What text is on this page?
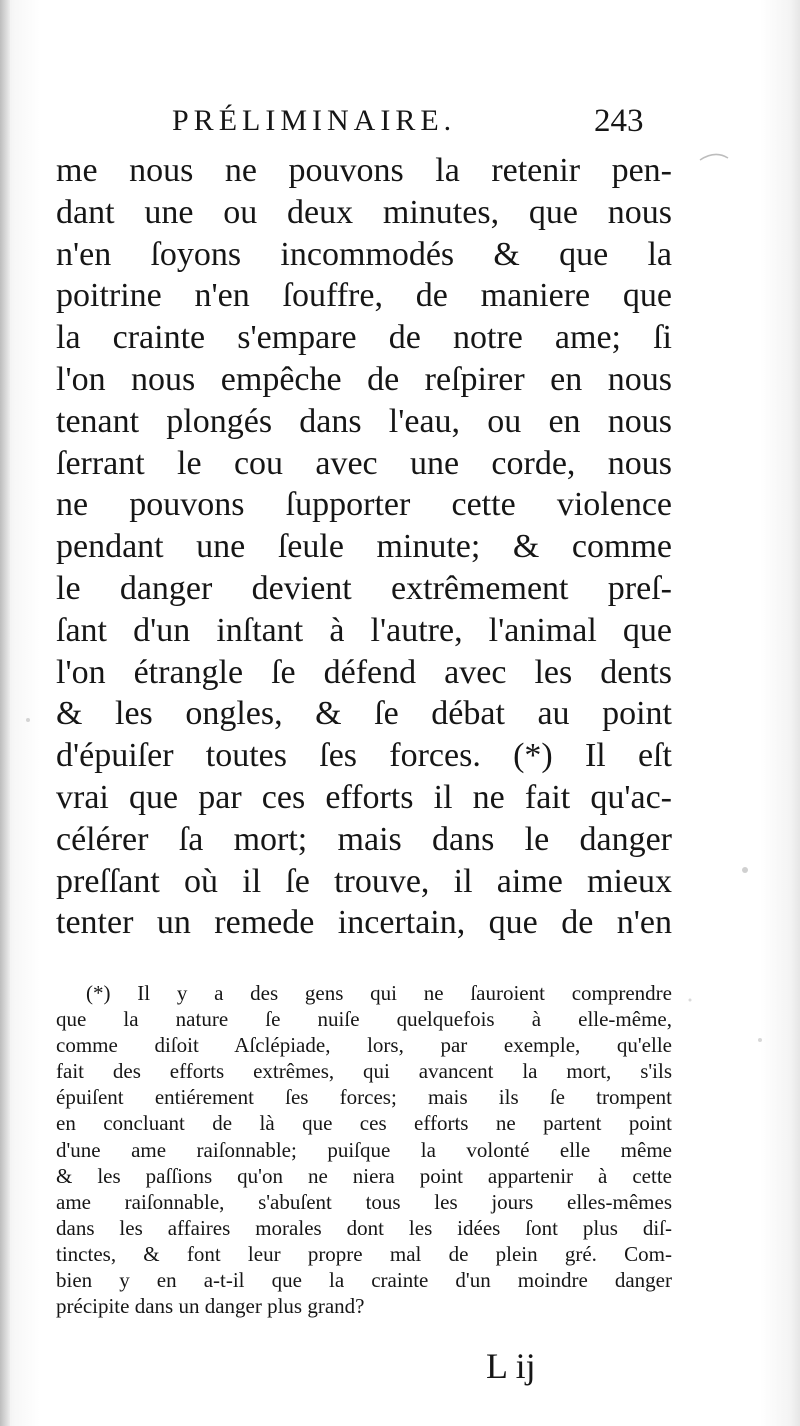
PRÉLIMINAIRE.	243
me nous ne pouvons la retenir pen-
dant une ou deux minutes, que nous
n'en ſoyons incommodés & que la
poitrine n'en ſouffre, de maniere que
la crainte s'empare de notre ame; ſi
l'on nous empêche de reſpirer en nous
tenant plongés dans l'eau, ou en nous
ſerrant le cou avec une corde, nous
ne pouvons ſupporter cette violence
pendant une ſeule minute; & comme
le danger devient extrêmement preſ-
ſant d'un inſtant à l'autre, l'animal que
l'on étrangle ſe défend avec les dents
& les ongles, & ſe débat au point
d'épuiſer toutes ſes forces. (*) Il eſt
vrai que par ces efforts il ne fait qu'ac-
célérer ſa mort; mais dans le danger
preſſant où il ſe trouve, il aime mieux
tenter un remede incertain, que de n'en
(*) Il y a des gens qui ne ſauroient comprendre
que la nature ſe nuiſe quelquefois à elle-même,
comme diſoit Aſclépiade, lors, par exemple, qu'elle
fait des efforts extrêmes, qui avancent la mort, s'ils
épuiſent entiérement ſes forces; mais ils ſe trompent
en concluant de là que ces efforts ne partent point
d'une ame raiſonnable; puiſque la volonté elle même
& les paſſions qu'on ne niera point appartenir à cette
ame raiſonnable, s'abuſent tous les jours elles-mêmes
dans les affaires morales dont les idées ſont plus diſ-
tinctes, & font leur propre mal de plein gré. Com-
bien y en a-t-il que la crainte d'un moindre danger
précipite dans un danger plus grand?
L ij
